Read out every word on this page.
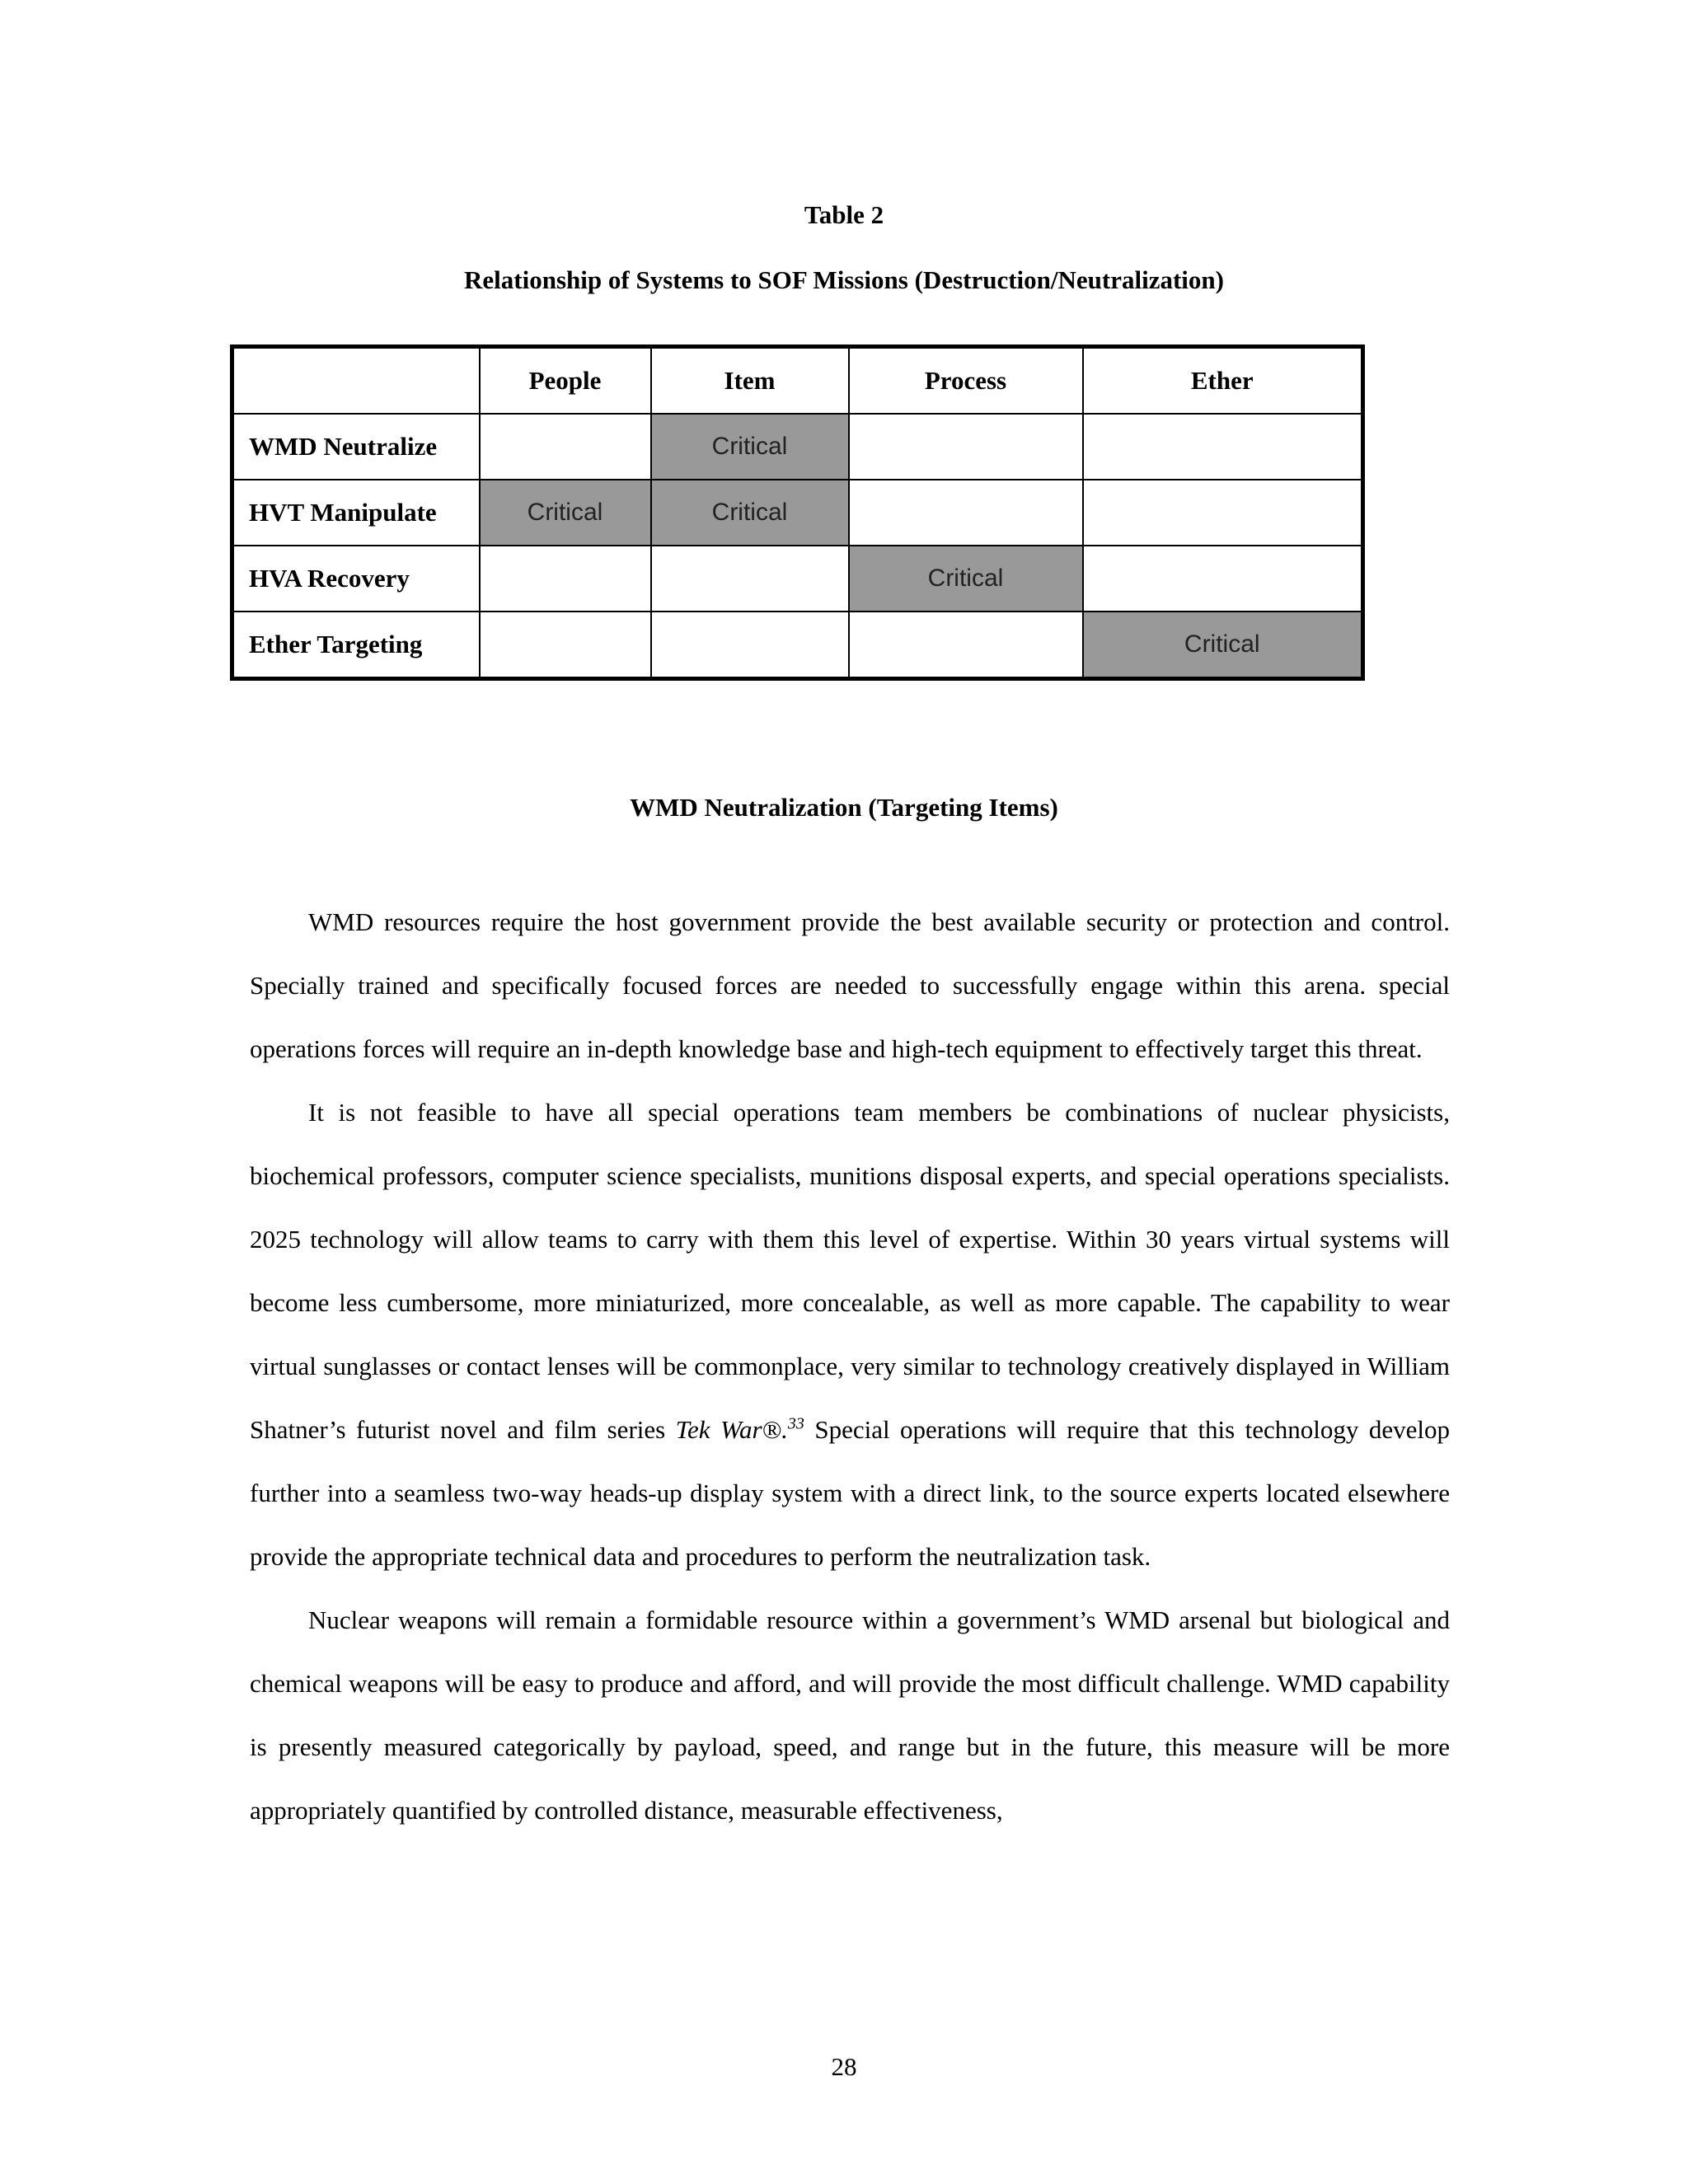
Table 2
Relationship of Systems to SOF Missions (Destruction/Neutralization)
	People	Item	Process	Ether
WMD Neutralize		Critical		
HVT Manipulate	Critical	Critical		
HVA Recovery			Critical	
Ether Targeting				Critical
WMD Neutralization (Targeting Items)

WMD resources require the host government provide the best available security or protection and control. Specially trained and specifically focused forces are needed to successfully engage within this arena. special operations forces will require an in-depth knowledge base and high-tech equipment to effectively target this threat.

It is not feasible to have all special operations team members be combinations of nuclear physicists, biochemical professors, computer science specialists, munitions disposal experts, and special operations specialists. 2025 technology will allow teams to carry with them this level of expertise. Within 30 years virtual systems will become less cumbersome, more miniaturized, more concealable, as well as more capable. The capability to wear virtual sunglasses or contact lenses will be commonplace, very similar to technology creatively displayed in William Shatner’s futurist novel and film series Tek War®.$^{33}$ Special operations will require that this technology develop further into a seamless two-way heads-up display system with a direct link, to the source experts located elsewhere provide the appropriate technical data and procedures to perform the neutralization task.

Nuclear weapons will remain a formidable resource within a government’s WMD arsenal but biological and chemical weapons will be easy to produce and afford, and will provide the most difficult challenge. WMD capability is presently measured categorically by payload, speed, and range but in the future, this measure will be more appropriately quantified by controlled distance, measurable effectiveness,

28
